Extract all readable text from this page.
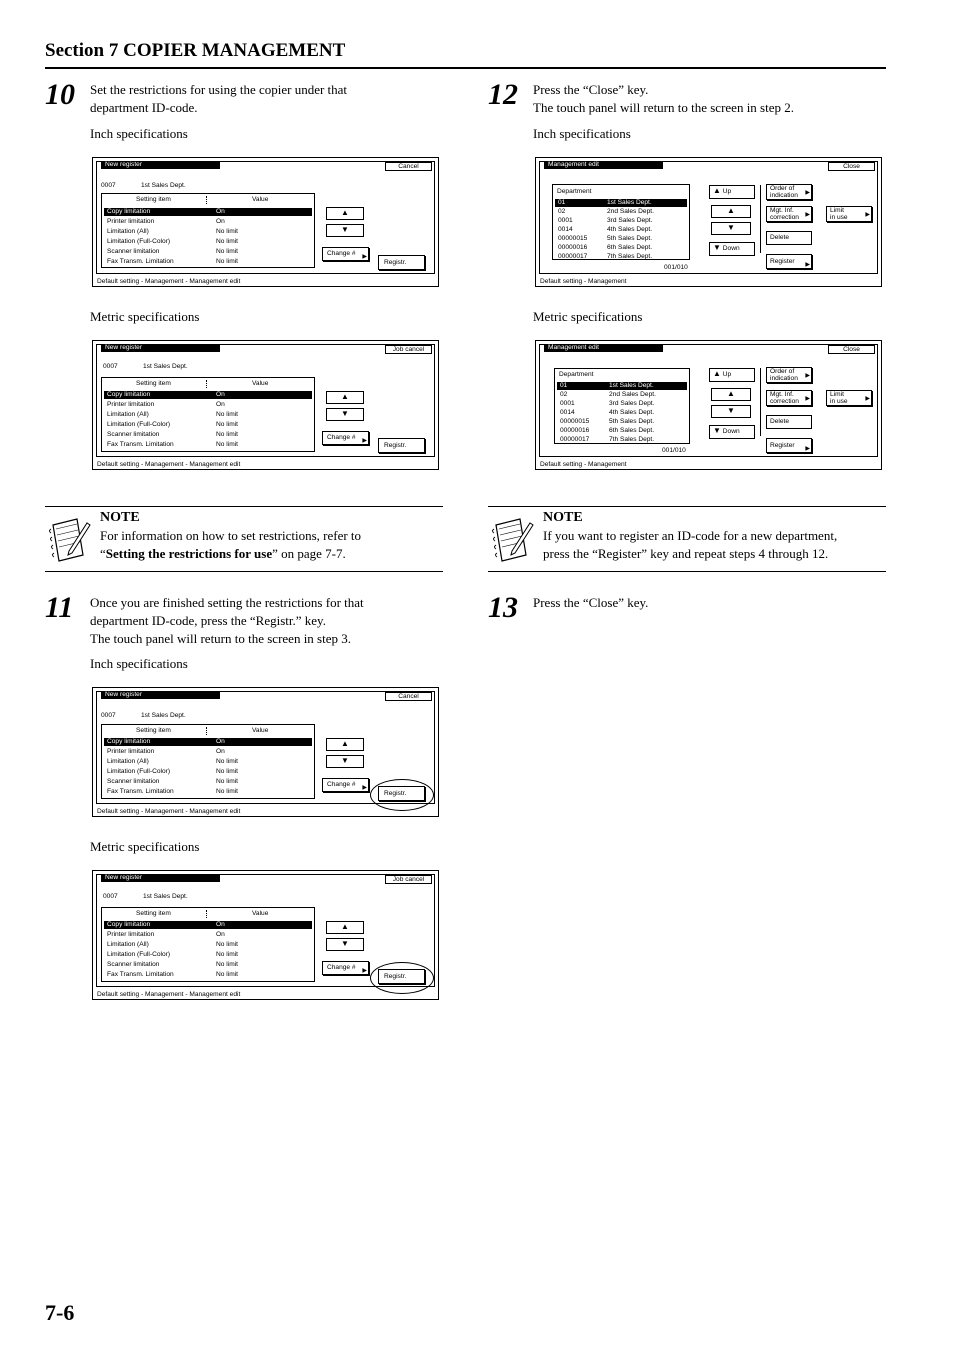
Section 7 COPIER MANAGEMENT
10 Set the restrictions for using the copier under that
department ID-code.
Inch specifications
New register	Cancel
0007	1st Sales Dept.
Setting item	Value
Copy limitation	On
Printer limitation	On
Limitation (All)	No limit
Limitation (Full-Color)	No limit
Scanner limitation	No limit
Fax Transm. Limitation	No limit
▲
▼
Change # ▶
Registr.
Default setting - Management - Management edit
Metric specifications
New register	Job cancel
0007	1st Sales Dept.
Setting item	Value
Copy limitation	On
Printer limitation	On
Limitation (All)	No limit
Limitation (Full-Color)	No limit
Scanner limitation	No limit
Fax Transm. Limitation	No limit
▲
▼
Change # ▶
Registr.
Default setting - Management - Management edit
NOTE
For information on how to set restrictions, refer to
“Setting the restrictions for use” on page 7-7.
11 Once you are finished setting the restrictions for that
department ID-code, press the “Registr.” key.
The touch panel will return to the screen in step 3.
Inch specifications
New register	Cancel
0007	1st Sales Dept.
Setting item	Value
Copy limitation	On
Printer limitation	On
Limitation (All)	No limit
Limitation (Full-Color)	No limit
Scanner limitation	No limit
Fax Transm. Limitation	No limit
▲
▼
Change # ▶
Registr.
Default setting - Management - Management edit
Metric specifications
New register	Job cancel
0007	1st Sales Dept.
Setting item	Value
Copy limitation	On
Printer limitation	On
Limitation (All)	No limit
Limitation (Full-Color)	No limit
Scanner limitation	No limit
Fax Transm. Limitation	No limit
▲
▼
Change # ▶
Registr.
Default setting - Management - Management edit
12 Press the “Close” key.
The touch panel will return to the screen in step 2.
Inch specifications
Management edit	Close
Department
01	1st Sales Dept.
02	2nd Sales Dept.
0001	3rd Sales Dept.
0014	4th Sales Dept.
00000015	5th Sales Dept.
00000016	6th Sales Dept.
00000017	7th Sales Dept.
001/010
▲ Up
▲
▼
▼ Down
Order of
indication	▶
Mgt. Inf.
correction	▶
Limit
in use	▶
Delete
Register ▶
Default setting - Management
Metric specifications
Management edit	Close
Department
01	1st Sales Dept.
02	2nd Sales Dept.
0001	3rd Sales Dept.
0014	4th Sales Dept.
00000015	5th Sales Dept.
00000016	6th Sales Dept.
00000017	7th Sales Dept.
001/010
▲ Up
▲
▼
▼ Down
Order of
indication	▶
Mgt. Inf.
correction	▶
Limit
in use	▶
Delete
Register ▶
Default setting - Management
NOTE
If you want to register an ID-code for a new department,
press the “Register” key and repeat steps 4 through 12.
13 Press the “Close” key.
7-6
